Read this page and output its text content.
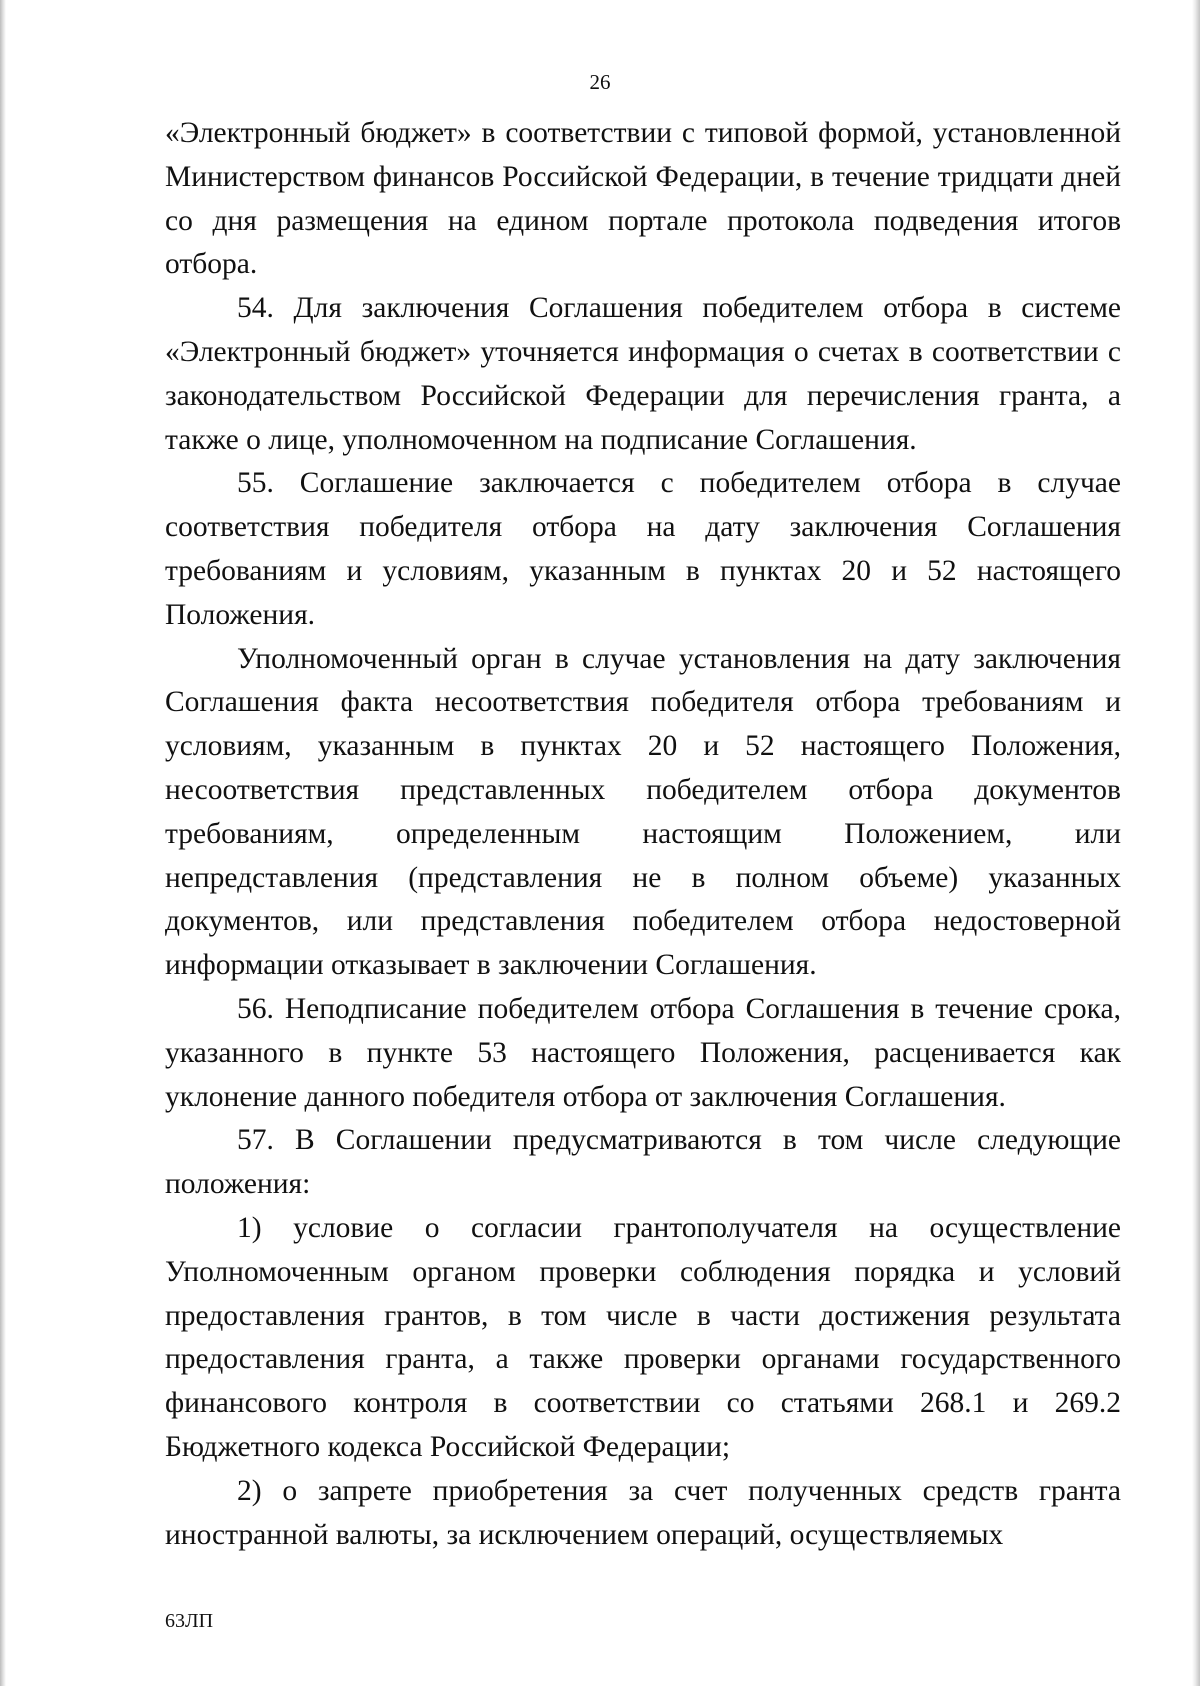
26

«Электронный бюджет» в соответствии с типовой формой, установленной Министерством финансов Российской Федерации, в течение тридцати дней со дня размещения на едином портале протокола подведения итогов отбора.

54. Для заключения Соглашения победителем отбора в системе «Электронный бюджет» уточняется информация о счетах в соответствии с законодательством Российской Федерации для перечисления гранта, а также о лице, уполномоченном на подписание Соглашения.

55. Соглашение заключается с победителем отбора в случае соответствия победителя отбора на дату заключения Соглашения требованиям и условиям, указанным в пунктах 20 и 52 настоящего Положения.

Уполномоченный орган в случае установления на дату заключения Соглашения факта несоответствия победителя отбора требованиям и условиям, указанным в пунктах 20 и 52 настоящего Положения, несоответствия представленных победителем отбора документов требованиям, определенным настоящим Положением, или непредставления (представления не в полном объеме) указанных документов, или представления победителем отбора недостоверной информации отказывает в заключении Соглашения.

56. Неподписание победителем отбора Соглашения в течение срока, указанного в пункте 53 настоящего Положения, расценивается как уклонение данного победителя отбора от заключения Соглашения.

57. В Соглашении предусматриваются в том числе следующие положения:

1) условие о согласии грантополучателя на осуществление Уполномоченным органом проверки соблюдения порядка и условий предоставления грантов, в том числе в части достижения результата предоставления гранта, а также проверки органами государственного финансового контроля в соответствии со статьями 268.1 и 269.2 Бюджетного кодекса Российской Федерации;

2) о запрете приобретения за счет полученных средств гранта иностранной валюты, за исключением операций, осуществляемых

63ЛП
